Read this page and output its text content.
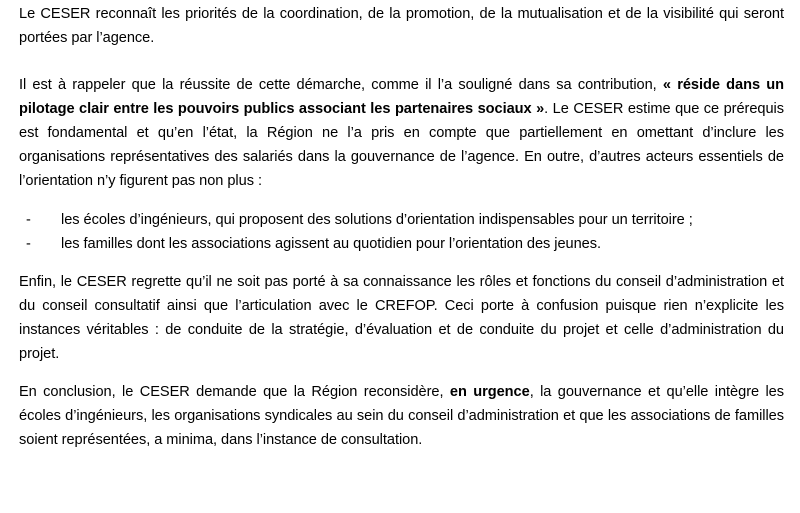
Le CESER reconnaît les priorités de la coordination, de la promotion, de la mutualisation et de la visibilité qui seront portées par l’agence.

Il est à rappeler que la réussite de cette démarche, comme il l’a souligné dans sa contribution, « réside dans un pilotage clair entre les pouvoirs publics associant les partenaires sociaux ». Le CESER estime que ce prérequis est fondamental et qu’en l’état, la Région ne l’a pris en compte que partiellement en omettant d’inclure les organisations représentatives des salariés dans la gouvernance de l’agence. En outre, d’autres acteurs essentiels de l’orientation n’y figurent pas non plus :

- les écoles d’ingénieurs, qui proposent des solutions d’orientation indispensables pour un territoire ;
- les familles dont les associations agissent au quotidien pour l’orientation des jeunes.

Enfin, le CESER regrette qu’il ne soit pas porté à sa connaissance les rôles et fonctions du conseil d’administration et du conseil consultatif ainsi que l’articulation avec le CREFOP. Ceci porte à confusion puisque rien n’explicite les instances véritables : de conduite de la stratégie, d’évaluation et de conduite du projet et celle d’administration du projet.

En conclusion, le CESER demande que la Région reconsidère, en urgence, la gouvernance et qu’elle intègre les écoles d’ingénieurs, les organisations syndicales au sein du conseil d’administration et que les associations de familles soient représentées, a minima, dans l’instance de consultation.
